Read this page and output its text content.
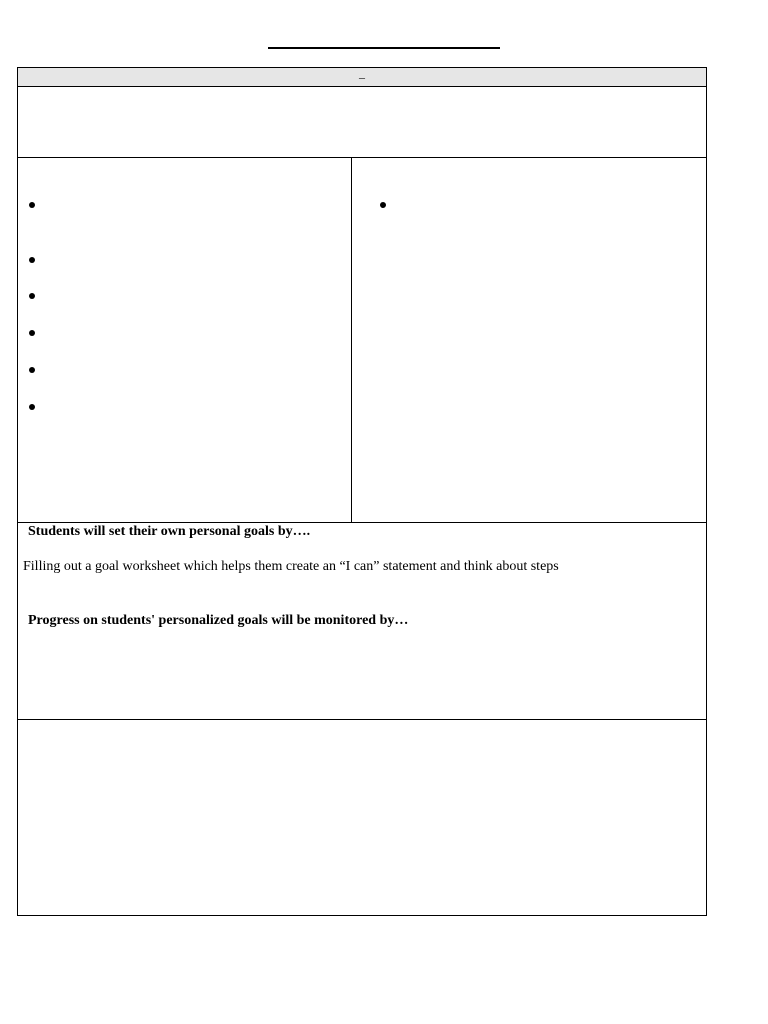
–
Students will set their own personal goals by….
Filling out a goal worksheet which helps them create an “I can” statement and think about steps
Progress on students' personalized goals will be monitored by…
